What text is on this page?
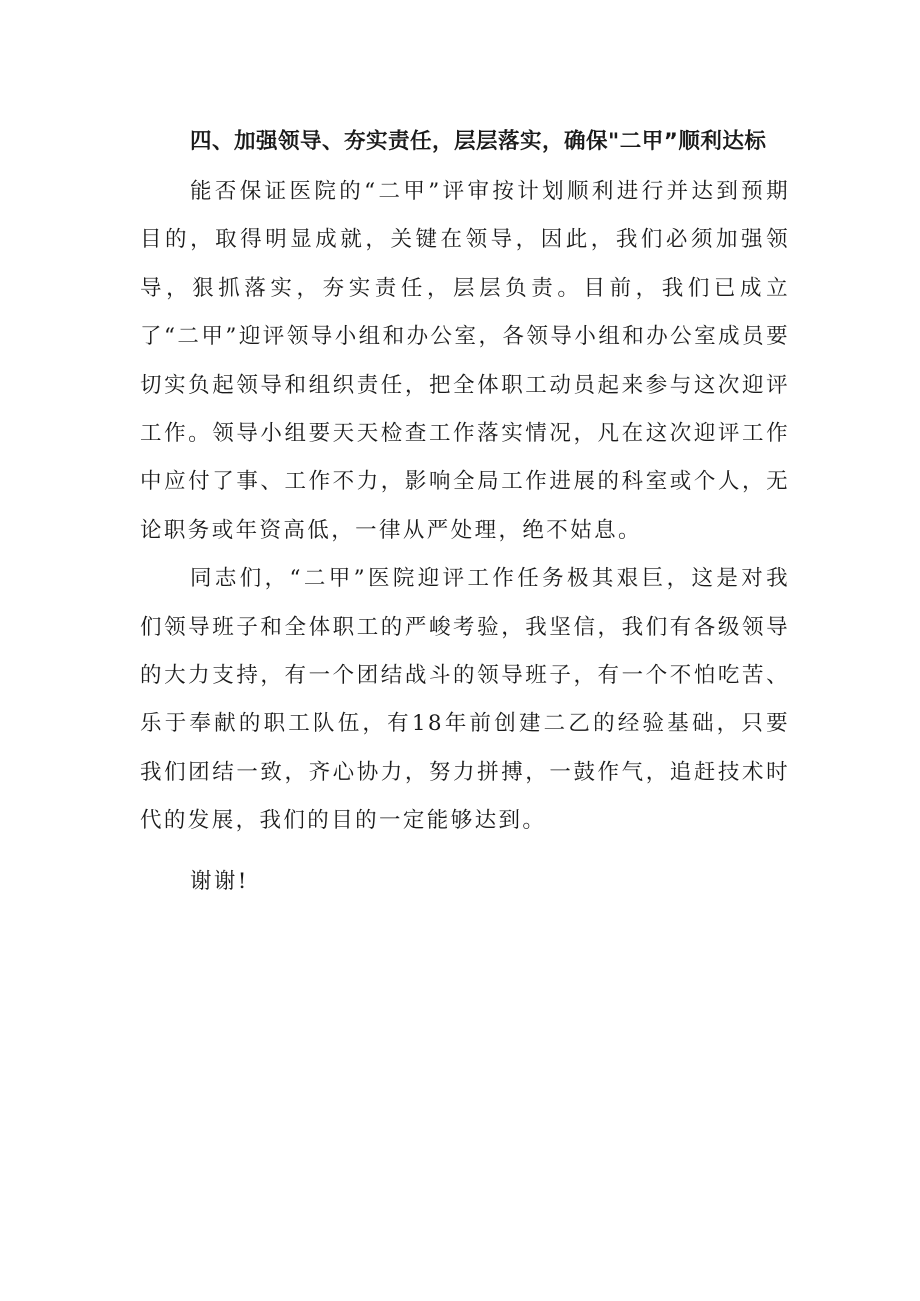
四、加强领导、夯实责任，层层落实，确保"二甲”顺利达标

能否保证医院的“二甲”评审按计划顺利进行并达到预期目的，取得明显成就，关键在领导，因此，我们必须加强领导，狠抓落实，夯实责任，层层负责。目前，我们已成立了“二甲”迎评领导小组和办公室，各领导小组和办公室成员要切实负起领导和组织责任，把全体职工动员起来参与这次迎评工作。领导小组要天天检查工作落实情况，凡在这次迎评工作中应付了事、工作不力，影响全局工作进展的科室或个人，无论职务或年资高低，一律从严处理，绝不姑息。

同志们，“二甲”医院迎评工作任务极其艰巨，这是对我们领导班子和全体职工的严峻考验，我坚信，我们有各级领导的大力支持，有一个团结战斗的领导班子，有一个不怕吃苦、乐于奉献的职工队伍，有18年前创建二乙的经验基础，只要我们团结一致，齐心协力，努力拼搏，一鼓作气，追赶技术时代的发展，我们的目的一定能够达到。

谢谢!
